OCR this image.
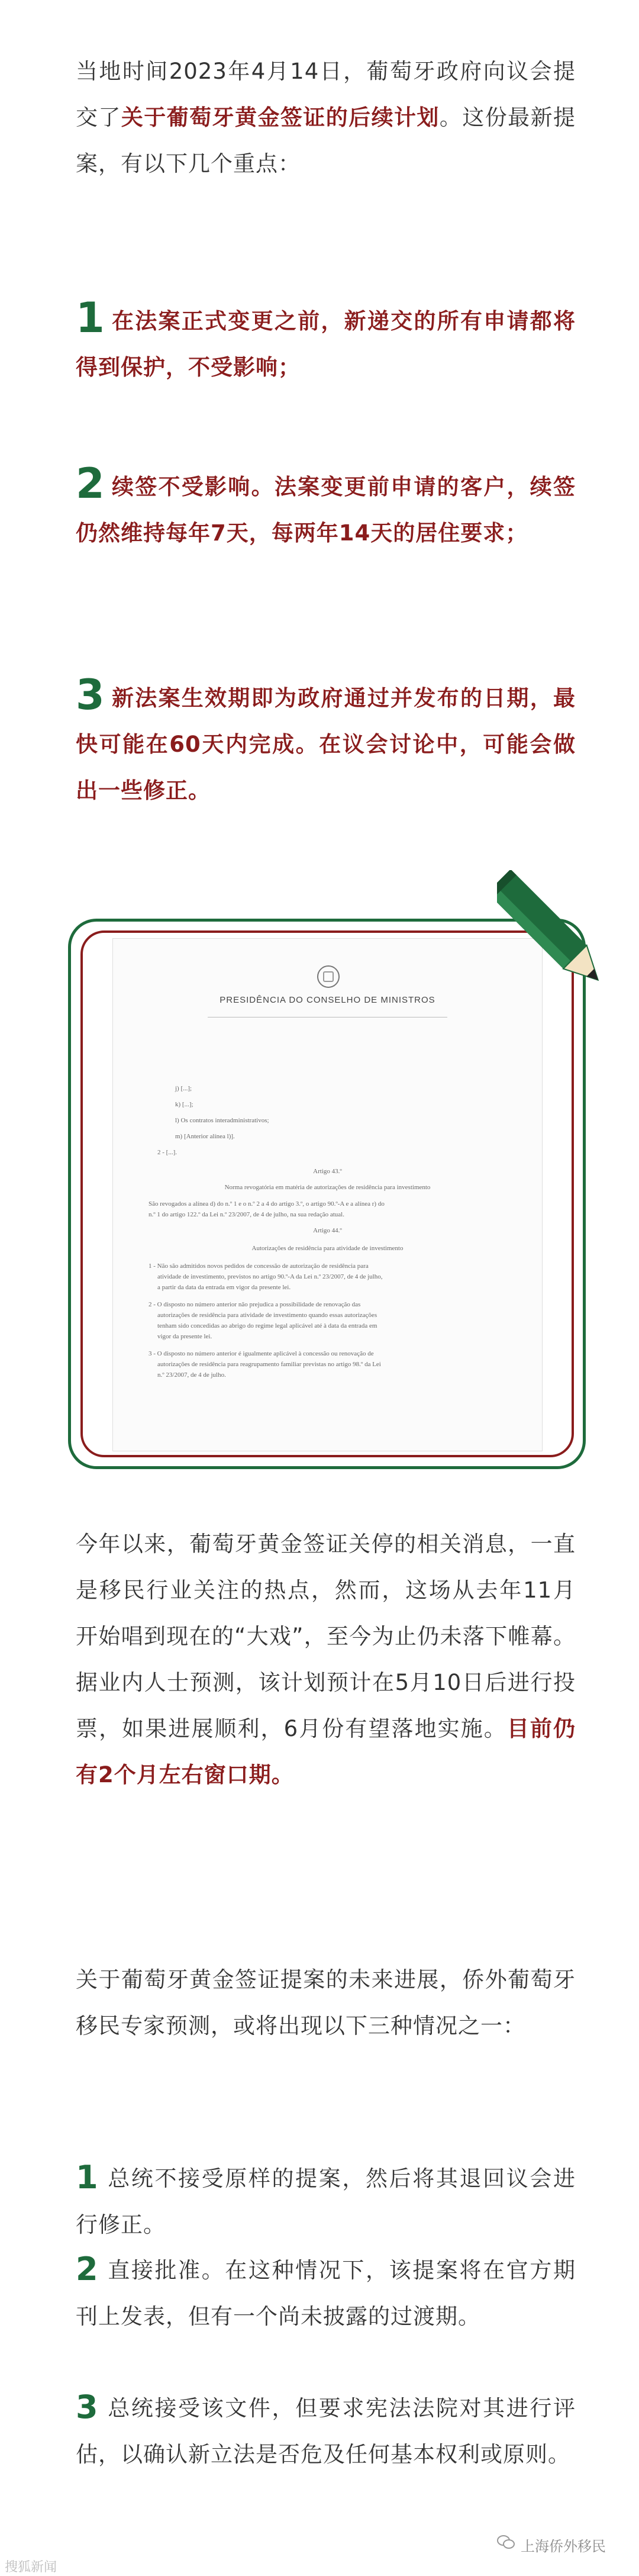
当地时间2023年4月14日，葡萄牙政府向议会提交了关于葡萄牙黄金签证的后续计划。这份最新提案，有以下几个重点：

1 在法案正式变更之前，新递交的所有申请都将得到保护，不受影响；

2 续签不受影响。法案变更前申请的客户，续签仍然维持每年7天，每两年14天的居住要求；

3 新法案生效期即为政府通过并发布的日期，最快可能在60天内完成。在议会讨论中，可能会做出一些修正。

PRESIDÊNCIA DO CONSELHO DE MINISTROS
j) [...];
k) [...];
l) Os contratos interadministrativos;
m) [Anterior alínea l)].
2 - [...].
Artigo 43.º
Norma revogatória em matéria de autorizações de residência para investimento
São revogados a alínea d) do n.º 1 e o n.º 2 a 4 do artigo 3.º, o artigo 90.º-A e a alínea r) do
n.º 1 do artigo 122.º da Lei n.º 23/2007, de 4 de julho, na sua redação atual.
Artigo 44.º
Autorizações de residência para atividade de investimento
1 - Não são admitidos novos pedidos de concessão de autorização de residência para
atividade de investimento, previstos no artigo 90.º-A da Lei n.º 23/2007, de 4 de julho,
a partir da data da entrada em vigor da presente lei.
2 - O disposto no número anterior não prejudica a possibilidade de renovação das
autorizações de residência para atividade de investimento quando essas autorizações
tenham sido concedidas ao abrigo do regime legal aplicável até à data da entrada em
vigor da presente lei.
3 - O disposto no número anterior é igualmente aplicável à concessão ou renovação de
autorizações de residência para reagrupamento familiar previstas no artigo 98.º da Lei
n.º 23/2007, de 4 de julho.

今年以来，葡萄牙黄金签证关停的相关消息，一直是移民行业关注的热点，然而，这场从去年11月开始唱到现在的“大戏”，至今为止仍未落下帷幕。据业内人士预测，该计划预计在5月10日后进行投票，如果进展顺利，6月份有望落地实施。目前仍有2个月左右窗口期。

关于葡萄牙黄金签证提案的未来进展，侨外葡萄牙移民专家预测，或将出现以下三种情况之一：

1 总统不接受原样的提案，然后将其退回议会进行修正。

2 直接批准。在这种情况下，该提案将在官方期刊上发表，但有一个尚未披露的过渡期。

3 总统接受该文件，但要求宪法法院对其进行评估，以确认新立法是否危及任何基本权利或原则。

搜狐新闻
上海侨外移民
